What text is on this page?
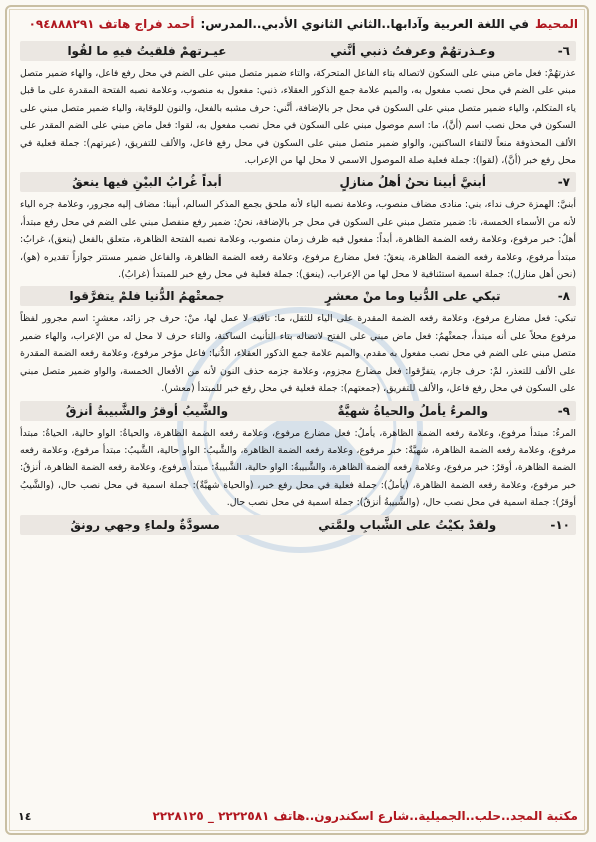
المحيط
في اللغة العربية وآدابها..الثاني الثانوي الأدبي..المدرس:
أحمد فراج هاتف ٠٩٤٨٨٨٢٩١
٦-
وعـذرتهُمْ وعرفتُ ذنبي أنَّني
عيـرتهمْ فلقيتُ فيهِ ما لقُوا
عذرتهُمْ: فعل ماض مبني على السكون لاتصاله بتاء الفاعل المتحركة، والتاء ضمير متصل مبني على الضم في محل رفع فاعل، والهاء ضمير متصل مبني على الضم في محل نصب مفعول به، والميم علامة جمع الذكور العقلاء، ذنبي: مفعول به منصوب، وعلامة نصبه الفتحة المقدرة على ما قبل ياء المتكلم، والياء ضمير متصل مبني على السكون في محل جر بالإضافة، أنَّني: حرف مشبه بالفعل، والنون للوقاية، والياء ضمير متصل مبني على السكون في محل نصب اسم (أنَّ)، ما: اسم موصول مبني على السكون في محل نصب مفعول به، لقوا: فعل ماض مبني على الضم المقدر على الألف المحذوفة منعاً لالتقاء الساكنين، والواو ضمير متصل مبني على السكون في محل رفع فاعل، والألف للتفريق، (عيرتهم): جملة فعلية في محل رفع خبر (أنَّ)، (لقوا): جملة فعلية صلة الموصول الاسمي لا محل لها من الإعراب.
٧-
أبنيَّ أبينا نحنُ أهلُ منازلٍ
أبداً غُرابُ البيْنِ فيها ينعقُ
أبنيَّ: الهمزة حرف نداء، بني: منادى مضاف منصوب، وعلامة نصبه الياء لأنه ملحق بجمع المذكر السالم، أبينا: مضاف إليه مجرور، وعلامة جره الياء لأنه من الأسماء الخمسة، نا: ضمير متصل مبني على السكون في محل جر بالإضافة، نحنُ: ضمير رفع منفصل مبني على الضم في محل رفع مبتدأ، أهلُ: خبر مرفوع، وعلامة رفعه الضمة الظاهرة، أبداً: مفعول فيه ظرف زمان منصوب، وعلامة نصبه الفتحة الظاهرة، متعلق بالفعل (ينعق)، غرابُ: مبتدأ مرفوع، وعلامة رفعه الضمة الظاهرة، ينعقُ: فعل مضارع مرفوع، وعلامة رفعه الضمة الظاهرة، والفاعل ضمير مستتر جوازاً تقديره (هو)، (نحن أهل منازل): جملة اسمية استئنافية لا محل لها من الإعراب، (ينعق): جملة فعلية في محل رفع خبر للمبتدأ (غرابُ).
٨-
تبكي على الدُّنيا وما منْ معشرٍ
جمعتْهمُ الدُّنيا فلمْ يتفرَّقوا
تبكي: فعل مضارع مرفوع، وعلامة رفعه الضمة المقدرة على الياء للثقل، ما: نافية لا عمل لها، منْ: حرف جر زائد، معشرٍ: اسم مجرور لفظاً مرفوع محلاً على أنه مبتدأ، جمعتْهمُ: فعل ماض مبني على الفتح لاتصاله بتاء التأنيث الساكنة، والتاء حرف لا محل له من الإعراب، والهاء ضمير متصل مبني على الضم في محل نصب مفعول به مقدم، والميم علامة جمع الذكور العقلاء، الدُّنيا: فاعل مؤخر مرفوع، وعلامة رفعه الضمة المقدرة على الألف للتعذر، لمْ: حرف جازم، يتفرَّقوا: فعل مضارع مجزوم، وعلامة جزمه حذف النون لأنه من الأفعال الخمسة، والواو ضمير متصل مبني على السكون في محل رفع فاعل، والألف للتفريق، (جمعتهم): جملة فعلية في محل رفع خبر للمبتدأ (معشر).
٩-
والمرءُ يأملُ والحياةُ شهيَّةٌ
والشَّيبُ أوقرُ والشَّبيبةُ أنزقُ
المرءُ: مبتدأ مرفوع، وعلامة رفعه الضمة الظاهرة، يأملُ: فعل مضارع مرفوع، وعلامة رفعه الضمة الظاهرة، والحياةُ: الواو حالية، الحياةُ: مبتدأ مرفوع، وعلامة رفعه الضمة الظاهرة، شهيَّةٌ: خبر مرفوع، وعلامة رفعه الضمة الظاهرة، والشَّيبُ: الواو حالية، الشَّيبُ: مبتدأ مرفوع، وعلامة رفعه الضمة الظاهرة، أوقرُ: خبر مرفوع، وعلامة رفعه الضمة الظاهرة، والشَّبيبةُ: الواو حالية، الشَّبيبةُ: مبتدأ مرفوع، وعلامة رفعه الضمة الظاهرة، أنزقُ: خبر مرفوع، وعلامة رفعه الضمة الظاهرة، (يأملُ): جملة فعلية في محل رفع خبر، (والحياة شهيَّةٌ): جملة اسمية في محل نصب حال، (والشَّيبُ أوقرُ): جملة اسمية في محل نصب حال، (والشَّبيبةُ أنزقُ): جملة اسمية في محل نصب حال.
١٠-
ولقدْ بكيْتُ على الشَّبابِ ولمَّتي
مسودَّةٌ ولماءِ وجهي رونقُ
مكتبة المجد..حلب..الجميلية..شارع اسكندرون..هاتف ٢٢٢٢٥٨١ _ ٢٢٢٨١٢٥
١٤
